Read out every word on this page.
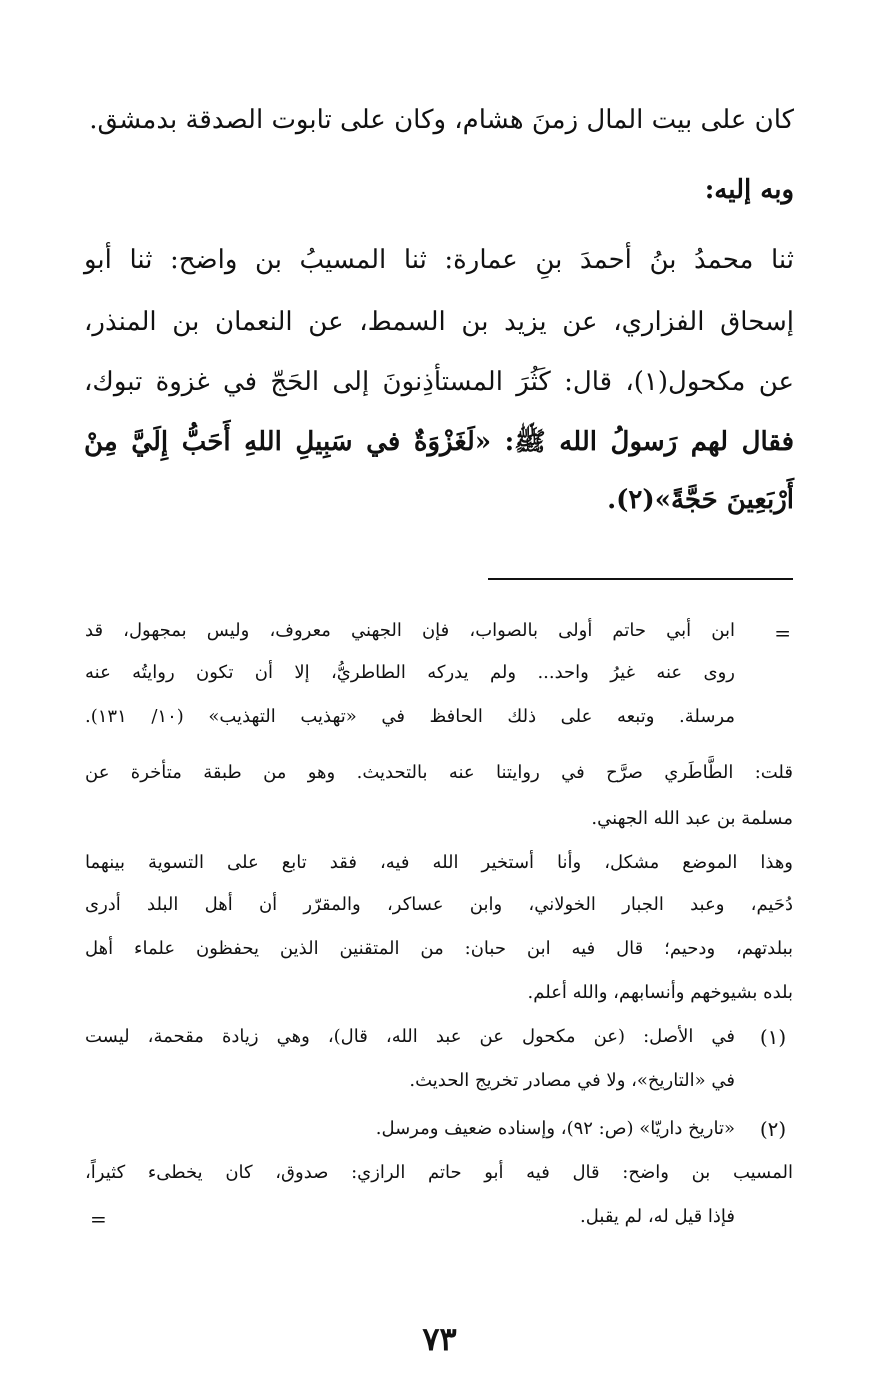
كان على بيت المال زمنَ هشام، وكان على تابوت الصدقة بدمشق.
وبه إليه:
ثنا محمدُ بنُ أحمدَ بنِ عمارة: ثنا المسيبُ بن واضح: ثنا أبو
إسحاق الفزاري، عن يزيد بن السمط، عن النعمان بن المنذر،
عن مكحول(١)، قال: كَثُرَ المستأذِنونَ إلى الحَجّ في غزوة تبوك،
فقال لهم رَسولُ الله ﷺ: «لَغَزْوَةٌ في سَبِيلِ اللهِ أَحَبُّ إِلَيَّ مِنْ
أَرْبَعِينَ حَجَّةً»(٢).
=
ابن أبي حاتم أولى بالصواب، فإن الجهني معروف، وليس بمجهول، قد
روى عنه غيرُ واحد... ولم يدركه الطاطريُّ، إلا أن تكون روايتُه عنه
مرسلة. وتبعه على ذلك الحافظ في «تهذيب التهذيب» (١٠/ ١٣١).
قلت: الطَّاطَري صرَّح في روايتنا عنه بالتحديث. وهو من طبقة متأخرة عن
مسلمة بن عبد الله الجهني.
وهذا الموضع مشكل، وأنا أستخير الله فيه، فقد تابع على التسوية بينهما
دُحَيم، وعبد الجبار الخولاني، وابن عساكر، والمقرّر أن أهل البلد أدرى
ببلدتهم، ودحيم؛ قال فيه ابن حبان: من المتقنين الذين يحفظون علماء أهل
بلده بشيوخهم وأنسابهم، والله أعلم.
(١)
في الأصل: (عن مكحول عن عبد الله، قال)، وهي زيادة مقحمة، ليست
في «التاريخ»، ولا في مصادر تخريج الحديث.
(٢)
«تاريخ داريّا» (ص: ٩٢)، وإسناده ضعيف ومرسل.
المسيب بن واضح: قال فيه أبو حاتم الرازي: صدوق، كان يخطىء كثيراً،
فإذا قيل له، لم يقبل.
=
٧٣
